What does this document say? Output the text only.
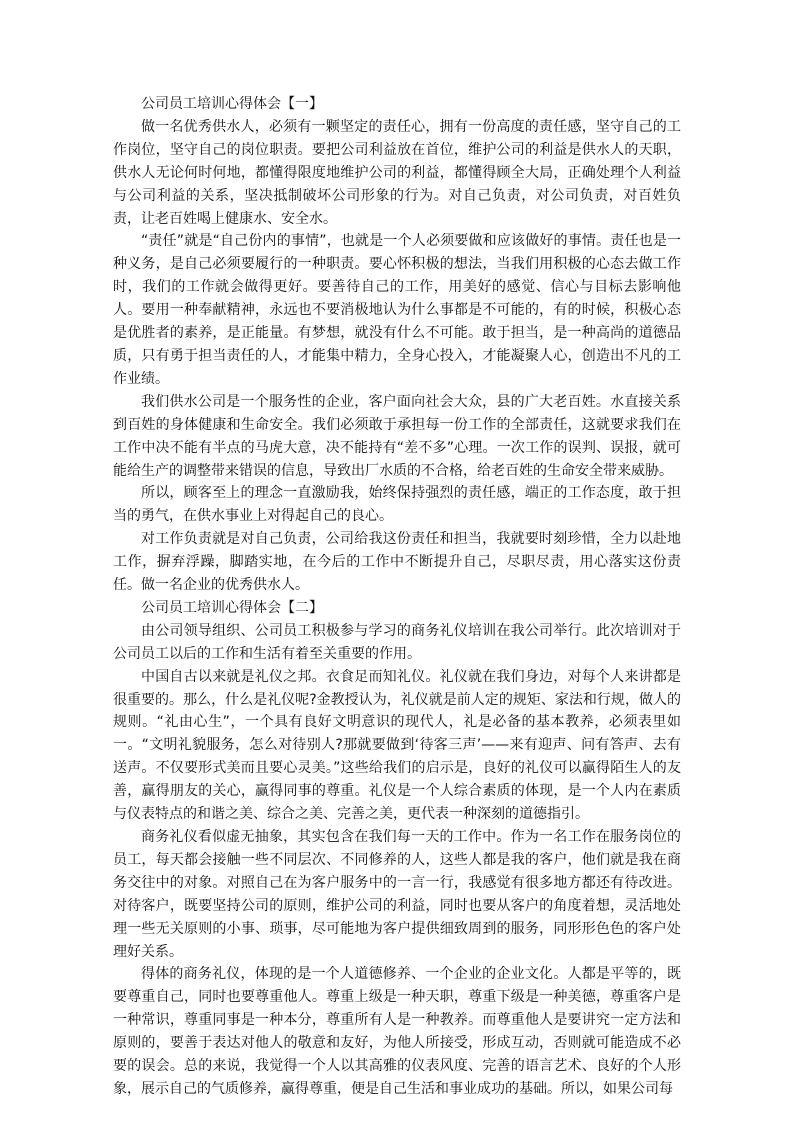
公司员工培训心得体会【一】

做一名优秀供水人，必须有一颗坚定的责任心，拥有一份高度的责任感，坚守自己的工作岗位，坚守自己的岗位职责。要把公司利益放在首位，维护公司的利益是供水人的天职，供水人无论何时何地，都懂得限度地维护公司的利益，都懂得顾全大局，正确处理个人利益与公司利益的关系，坚决抵制破坏公司形象的行为。对自己负责，对公司负责，对百姓负责，让老百姓喝上健康水、安全水。

“责任”就是“自己份内的事情”，也就是一个人必须要做和应该做好的事情。责任也是一种义务，是自己必须要履行的一种职责。要心怀积极的想法，当我们用积极的心态去做工作时，我们的工作就会做得更好。要善待自己的工作，用美好的感觉、信心与目标去影响他人。要用一种奉献精神，永远也不要消极地认为什么事都是不可能的，有的时候，积极心态是优胜者的素养，是正能量。有梦想，就没有什么不可能。敢于担当，是一种高尚的道德品质，只有勇于担当责任的人，才能集中精力，全身心投入，才能凝聚人心，创造出不凡的工作业绩。

我们供水公司是一个服务性的企业，客户面向社会大众，县的广大老百姓。水直接关系到百姓的身体健康和生命安全。我们必须敢于承担每一份工作的全部责任，这就要求我们在工作中决不能有半点的马虎大意，决不能持有“差不多”心理。一次工作的误判、误报，就可能给生产的调整带来错误的信息，导致出厂水质的不合格，给老百姓的生命安全带来威胁。

所以，顾客至上的理念一直激励我，始终保持强烈的责任感，端正的工作态度，敢于担当的勇气，在供水事业上对得起自己的良心。

对工作负责就是对自己负责，公司给我这份责任和担当，我就要时刻珍惜，全力以赴地工作，摒弃浮躁，脚踏实地，在今后的工作中不断提升自己，尽职尽责，用心落实这份责任。做一名企业的优秀供水人。

公司员工培训心得体会【二】

由公司领导组织、公司员工积极参与学习的商务礼仪培训在我公司举行。此次培训对于公司员工以后的工作和生活有着至关重要的作用。

中国自古以来就是礼仪之邦。衣食足而知礼仪。礼仪就在我们身边，对每个人来讲都是很重要的。那么，什么是礼仪呢?金教授认为，礼仪就是前人定的规矩、家法和行规，做人的规则。“礼由心生”，一个具有良好文明意识的现代人，礼是必备的基本教养，必须表里如一。“文明礼貌服务，怎么对待别人?那就要做到‘待客三声’——来有迎声、问有答声、去有送声。不仅要形式美而且要心灵美。”这些给我们的启示是，良好的礼仪可以赢得陌生人的友善，赢得朋友的关心，赢得同事的尊重。礼仪是一个人综合素质的体现，是一个人内在素质与仪表特点的和谐之美、综合之美、完善之美，更代表一种深刻的道德指引。

商务礼仪看似虚无抽象，其实包含在我们每一天的工作中。作为一名工作在服务岗位的员工，每天都会接触一些不同层次、不同修养的人，这些人都是我的客户，他们就是我在商务交往中的对象。对照自己在为客户服务中的一言一行，我感觉有很多地方都还有待改进。对待客户，既要坚持公司的原则，维护公司的利益，同时也要从客户的角度着想，灵活地处理一些无关原则的小事、琐事，尽可能地为客户提供细致周到的服务，同形形色色的客户处理好关系。

得体的商务礼仪，体现的是一个人道德修养、一个企业的企业文化。人都是平等的，既要尊重自己，同时也要尊重他人。尊重上级是一种天职，尊重下级是一种美德，尊重客户是一种常识，尊重同事是一种本分，尊重所有人是一种教养。而尊重他人是要讲究一定方法和原则的，要善于表达对他人的敬意和友好，为他人所接受，形成互动，否则就可能造成不必要的误会。总的来说，我觉得一个人以其高雅的仪表风度、完善的语言艺术、良好的个人形象，展示自己的气质修养，赢得尊重，便是自己生活和事业成功的基础。所以，如果公司每
